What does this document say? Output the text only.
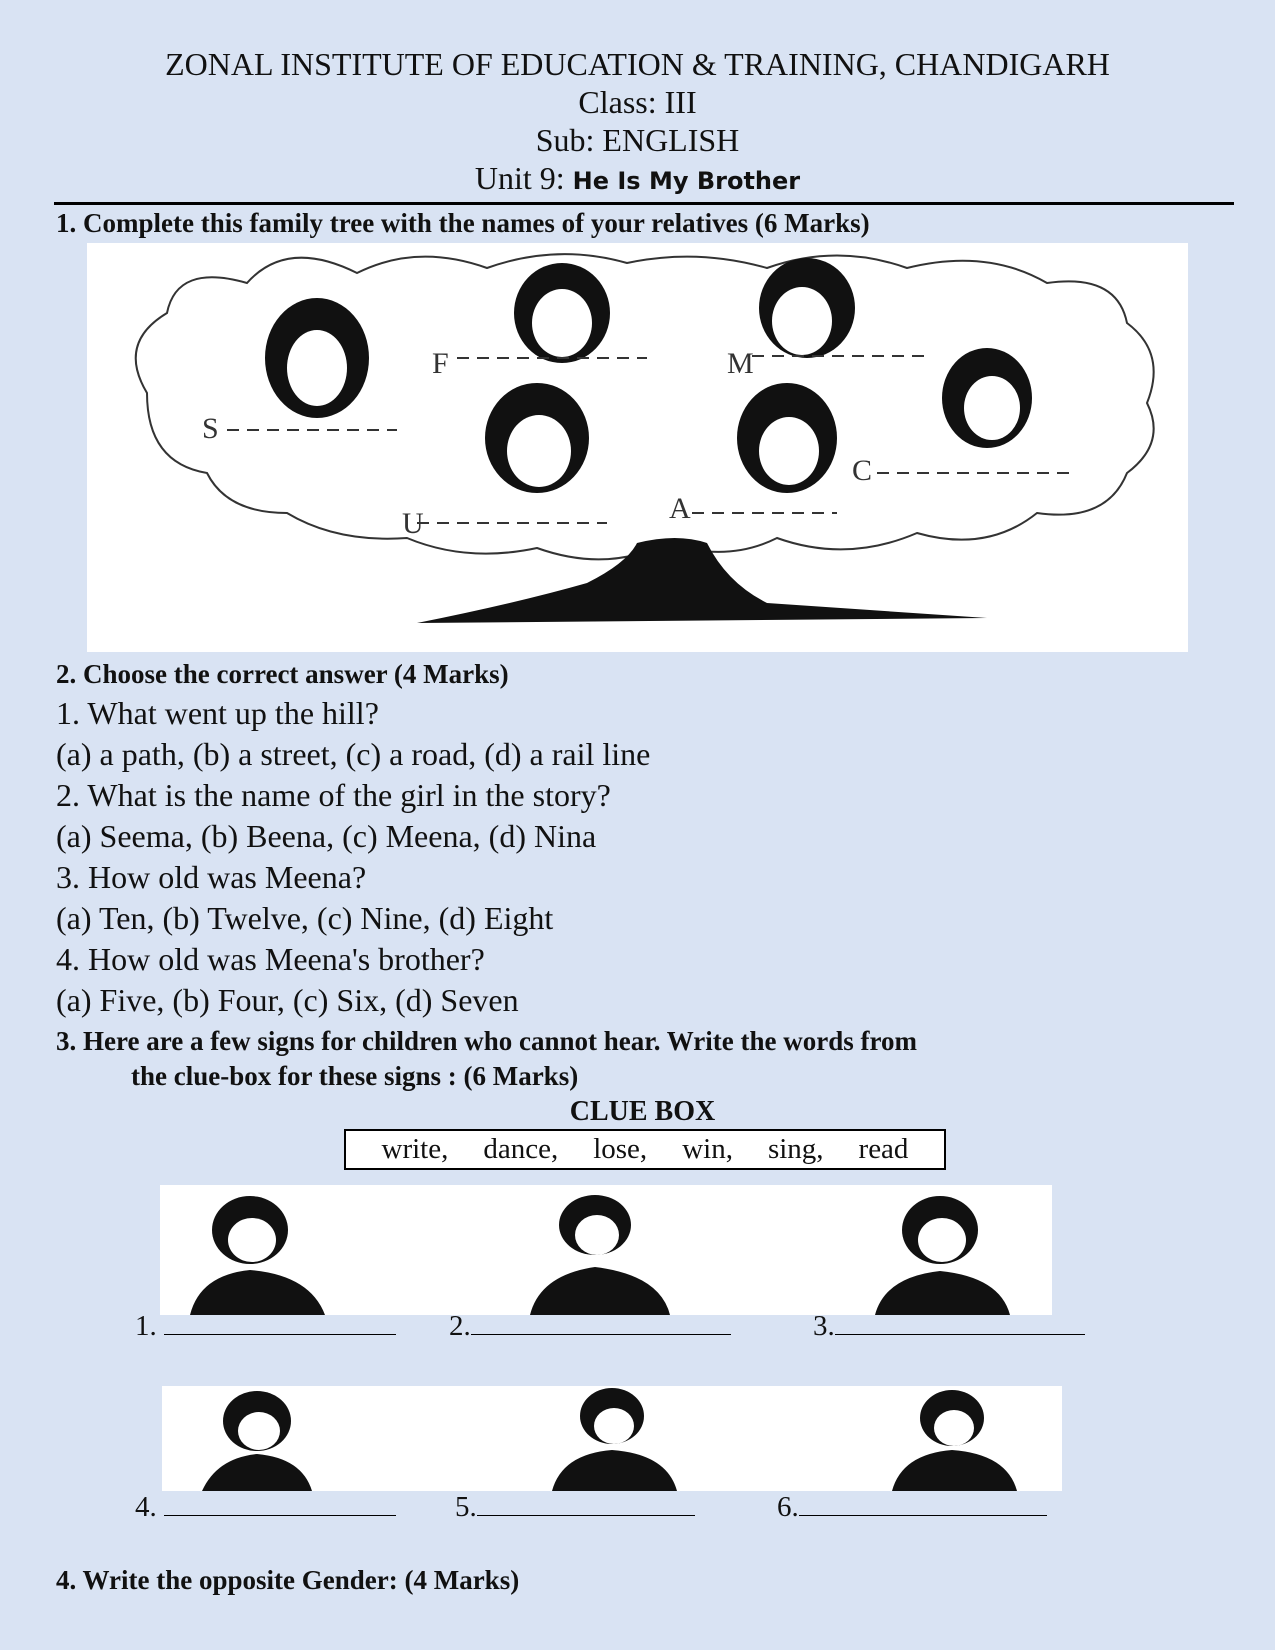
ZONAL INSTITUTE OF EDUCATION & TRAINING, CHANDIGARH
Class: III
Sub: ENGLISH
Unit 9: He Is My Brother
1. Complete this family tree with the names of your relatives (6 Marks)
F	M
S
C
U	A
2. Choose the correct answer (4 Marks)
1. What went up the hill?
(a) a path, (b) a street, (c) a road, (d) a rail line
2. What is the name of the girl in the story?
(a) Seema, (b) Beena, (c) Meena, (d) Nina
3. How old was Meena?
(a) Ten, (b) Twelve, (c) Nine, (d) Eight
4. How old was Meena's brother?
(a) Five, (b) Four, (c) Six, (d) Seven
3. Here are a few signs for children who cannot hear. Write the words from
the clue-box for these signs : (6 Marks)
CLUE BOX
write, dance, lose, win, sing, read
1.	2.	3.
4.	5.	6.
4. Write the opposite Gender: (4 Marks)
